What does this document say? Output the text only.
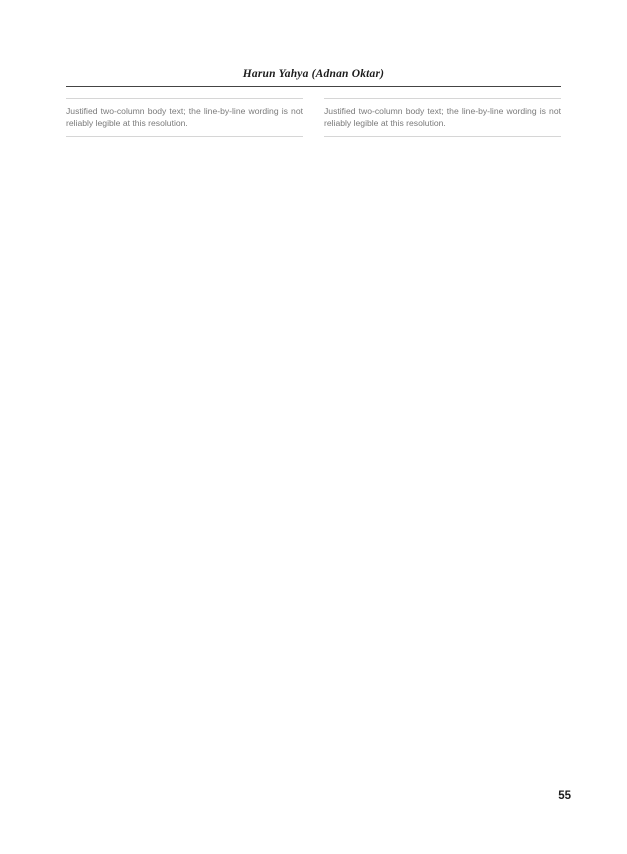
Harun Yahya (Adnan Oktar)
Justified two-column body text; the line-by-line wording is not reliably legible at this resolution.
Justified two-column body text; the line-by-line wording is not reliably legible at this resolution.
55
